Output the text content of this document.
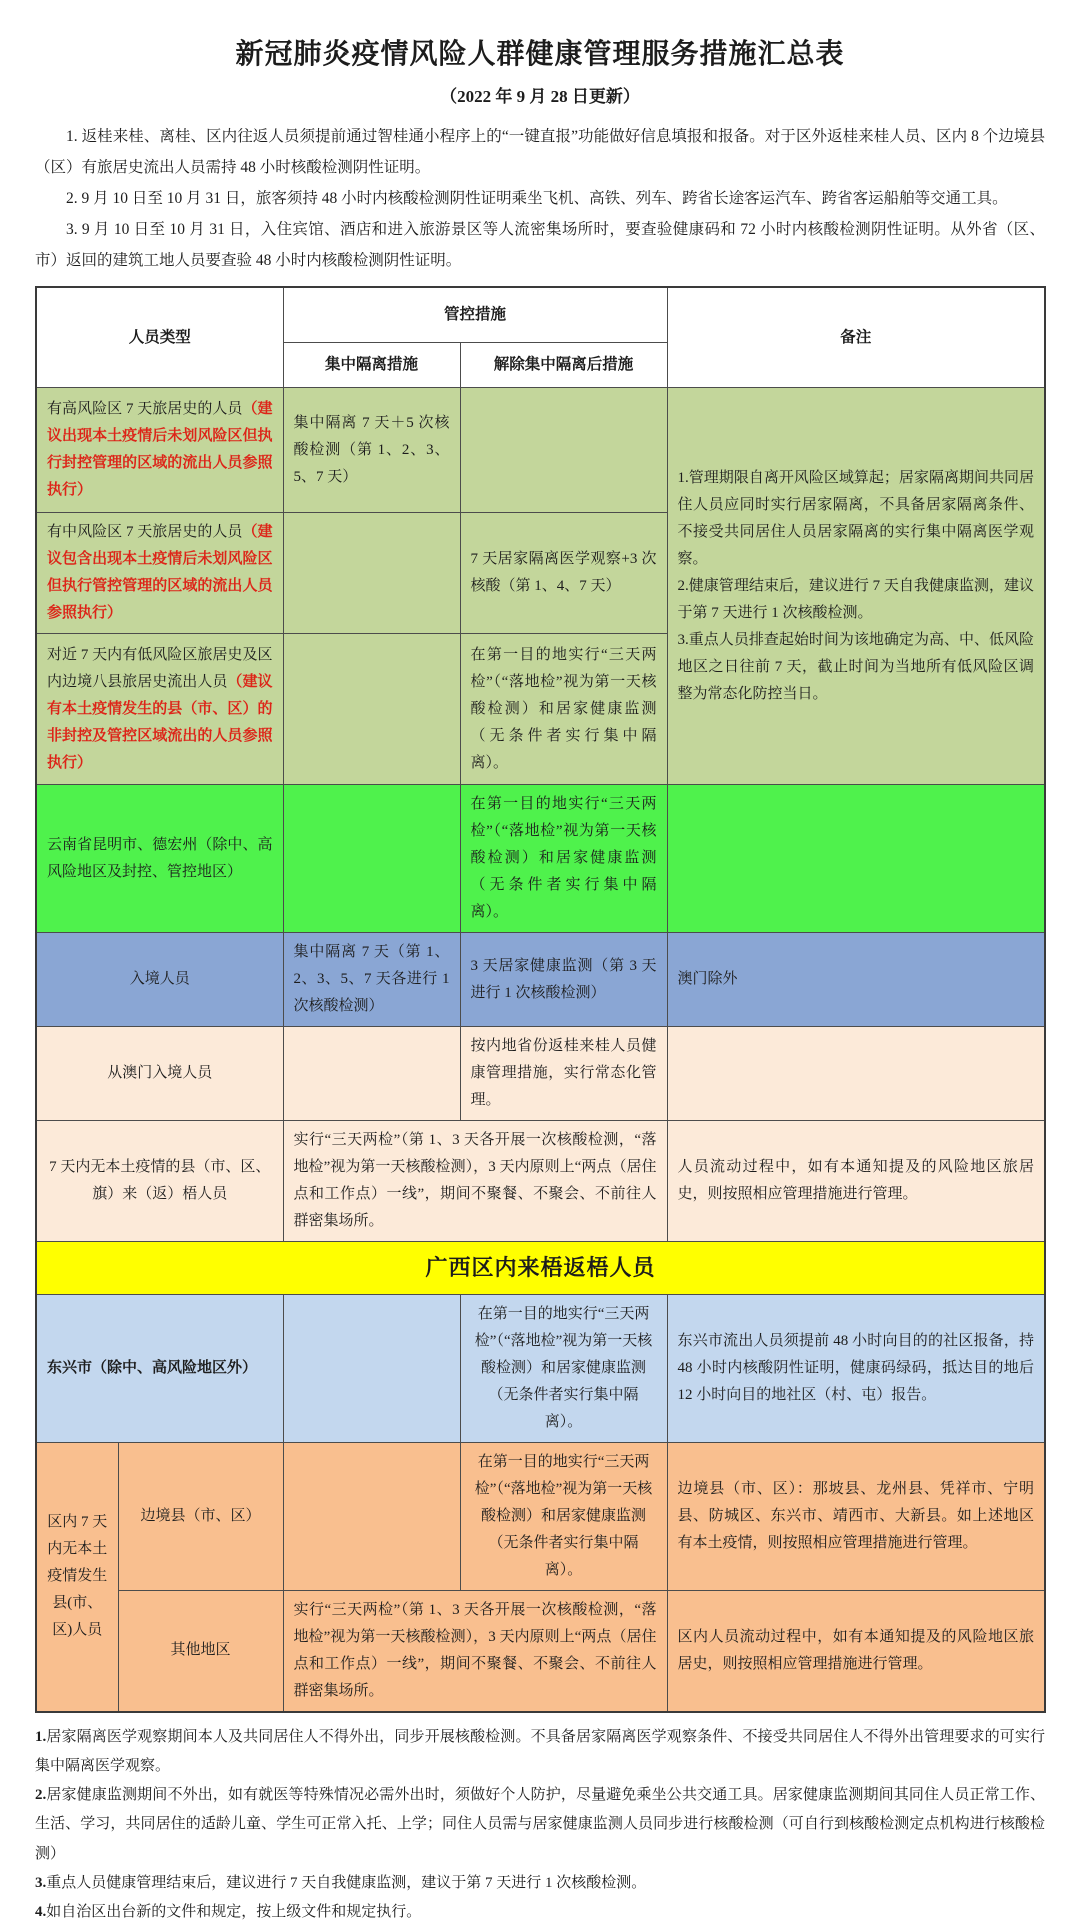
新冠肺炎疫情风险人群健康管理服务措施汇总表
（2022 年 9 月 28 日更新）

1. 返桂来桂、离桂、区内往返人员须提前通过智桂通小程序上的“一键直报”功能做好信息填报和报备。对于区外返桂来桂人员、区内 8 个边境县（区）有旅居史流出人员需持 48 小时核酸检测阴性证明。

2. 9 月 10 日至 10 月 31 日，旅客须持 48 小时内核酸检测阴性证明乘坐飞机、高铁、列车、跨省长途客运汽车、跨省客运船舶等交通工具。

3. 9 月 10 日至 10 月 31 日，入住宾馆、酒店和进入旅游景区等人流密集场所时，要查验健康码和 72 小时内核酸检测阴性证明。从外省（区、市）返回的建筑工地人员要查验 48 小时内核酸检测阴性证明。

人员类型		管控措施		备注
		集中隔离措施	解除集中隔离后措施	
有高风险区 7 天旅居史的人员（建议出现本土疫情后未划风险区但执行封控管理的区域的流出人员参照执行）		集中隔离 7 天＋5 次核酸检测（第 1、2、3、5、7 天）		1.管理期限自离开风险区域算起；居家隔离期间共同居住人员应同时实行居家隔离，不具备居家隔离条件、不接受共同居住人员居家隔离的实行集中隔离医学观察。

2.健康管理结束后，建议进行 7 天自我健康监测，建议于第 7 天进行 1 次核酸检测。

3.重点人员排查起始时间为该地确定为高、中、低风险地区之日往前 7 天，截止时间为当地所有低风险区调整为常态化防控当日。

有中风险区 7 天旅居史的人员（建议包含出现本土疫情后未划风险区但执行管控管理的区域的流出人员参照执行）			7 天居家隔离医学观察+3 次核酸（第 1、4、7 天）	
对近 7 天内有低风险区旅居史及区内边境八县旅居史流出人员（建议有本土疫情发生的县（市、区）的非封控及管控区域流出的人员参照执行）			在第一目的地实行“三天两检”（“落地检”视为第一天核酸检测）和居家健康监测（无条件者实行集中隔离）。	
云南省昆明市、德宏州（除中、高风险地区及封控、管控地区）			在第一目的地实行“三天两检”（“落地检”视为第一天核酸检测）和居家健康监测（无条件者实行集中隔离）。	
入境人员		集中隔离 7 天（第 1、2、3、5、7 天各进行 1 次核酸检测）	3 天居家健康监测（第 3 天进行 1 次核酸检测）	澳门除外
从澳门入境人员			按内地省份返桂来桂人员健康管理措施，实行常态化管理。	
7 天内无本土疫情的县（市、区、旗）来（返）梧人员		实行“三天两检”（第 1、3 天各开展一次核酸检测，“落地检”视为第一天核酸检测），3 天内原则上“两点（居住点和工作点）一线”，期间不聚餐、不聚会、不前往人群密集场所。		人员流动过程中，如有本通知提及的风险地区旅居史，则按照相应管理措施进行管理。
广西区内来梧返梧人员				
东兴市（除中、高风险地区外）			在第一目的地实行“三天两检”（“落地检”视为第一天核酸检测）和居家健康监测（无条件者实行集中隔离）。	东兴市流出人员须提前 48 小时向目的的社区报备，持 48 小时内核酸阴性证明，健康码绿码，抵达目的地后 12 小时向目的地社区（村、屯）报告。
区内 7 天内无本土疫情发生县(市、区)人员	边境县（市、区）		在第一目的地实行“三天两检”（“落地检”视为第一天核酸检测）和居家健康监测（无条件者实行集中隔离）。	边境县（市、区）：那坡县、龙州县、凭祥市、宁明县、防城区、东兴市、靖西市、大新县。如上述地区有本土疫情，则按照相应管理措施进行管理。
	其他地区	实行“三天两检”（第 1、3 天各开展一次核酸检测，“落地检”视为第一天核酸检测），3 天内原则上“两点（居住点和工作点）一线”，期间不聚餐、不聚会、不前往人群密集场所。		区内人员流动过程中，如有本通知提及的风险地区旅居史，则按照相应管理措施进行管理。
1.居家隔离医学观察期间本人及共同居住人不得外出，同步开展核酸检测。不具备居家隔离医学观察条件、不接受共同居住人不得外出管理要求的可实行集中隔离医学观察。
2.居家健康监测期间不外出，如有就医等特殊情况必需外出时，须做好个人防护，尽量避免乘坐公共交通工具。居家健康监测期间其同住人员正常工作、生活、学习，共同居住的适龄儿童、学生可正常入托、上学；同住人员需与居家健康监测人员同步进行核酸检测（可自行到核酸检测定点机构进行核酸检测）
3.重点人员健康管理结束后，建议进行 7 天自我健康监测，建议于第 7 天进行 1 次核酸检测。
4.如自治区出台新的文件和规定，按上级文件和规定执行。
